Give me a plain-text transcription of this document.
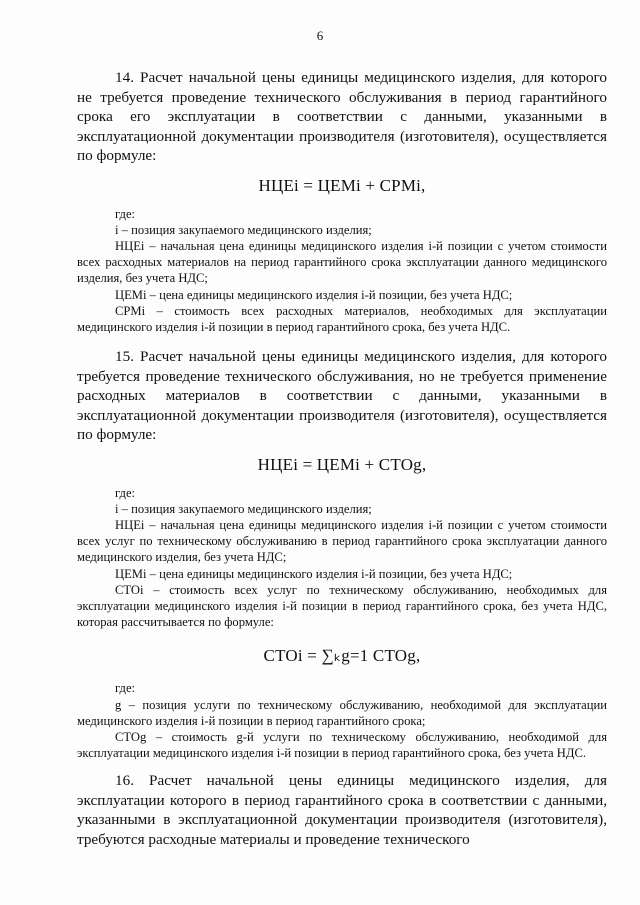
6

14. Расчет начальной цены единицы медицинского изделия, для которого не требуется проведение технического обслуживания в период гарантийного срока его эксплуатации в соответствии с данными, указанными в эксплуатационной документации производителя (изготовителя), осуществляется по формуле:

НЦЕi = ЦЕМi + СРМi,

где:

i – позиция закупаемого медицинского изделия;

НЦЕi – начальная цена единицы медицинского изделия i-й позиции с учетом стоимости всех расходных материалов на период гарантийного срока эксплуатации данного медицинского изделия, без учета НДС;

ЦЕМi – цена единицы медицинского изделия i-й позиции, без учета НДС;

СРМi – стоимость всех расходных материалов, необходимых для эксплуатации медицинского изделия i-й позиции в период гарантийного срока, без учета НДС.

15. Расчет начальной цены единицы медицинского изделия, для которого требуется проведение технического обслуживания, но не требуется применение расходных материалов в соответствии с данными, указанными в эксплуатационной документации производителя (изготовителя), осуществляется по формуле:

НЦЕi = ЦЕМi + СТОg,

где:

i – позиция закупаемого медицинского изделия;

НЦЕi – начальная цена единицы медицинского изделия i-й позиции с учетом стоимости всех услуг по техническому обслуживанию в период гарантийного срока эксплуатации данного медицинского изделия, без учета НДС;

ЦЕМi – цена единицы медицинского изделия i-й позиции, без учета НДС;

СТОi – стоимость всех услуг по техническому обслуживанию, необходимых для эксплуатации медицинского изделия i-й позиции в период гарантийного срока, без учета НДС, которая рассчитывается по формуле:

СТОi = ∑ₖg=1 СТОg,

где:

g – позиция услуги по техническому обслуживанию, необходимой для эксплуатации медицинского изделия i-й позиции в период гарантийного срока;

СТОg – стоимость g-й услуги по техническому обслуживанию, необходимой для эксплуатации медицинского изделия i-й позиции в период гарантийного срока, без учета НДС.

16. Расчет начальной цены единицы медицинского изделия, для эксплуатации которого в период гарантийного срока в соответствии с данными, указанными в эксплуатационной документации производителя (изготовителя), требуются расходные материалы и проведение технического
